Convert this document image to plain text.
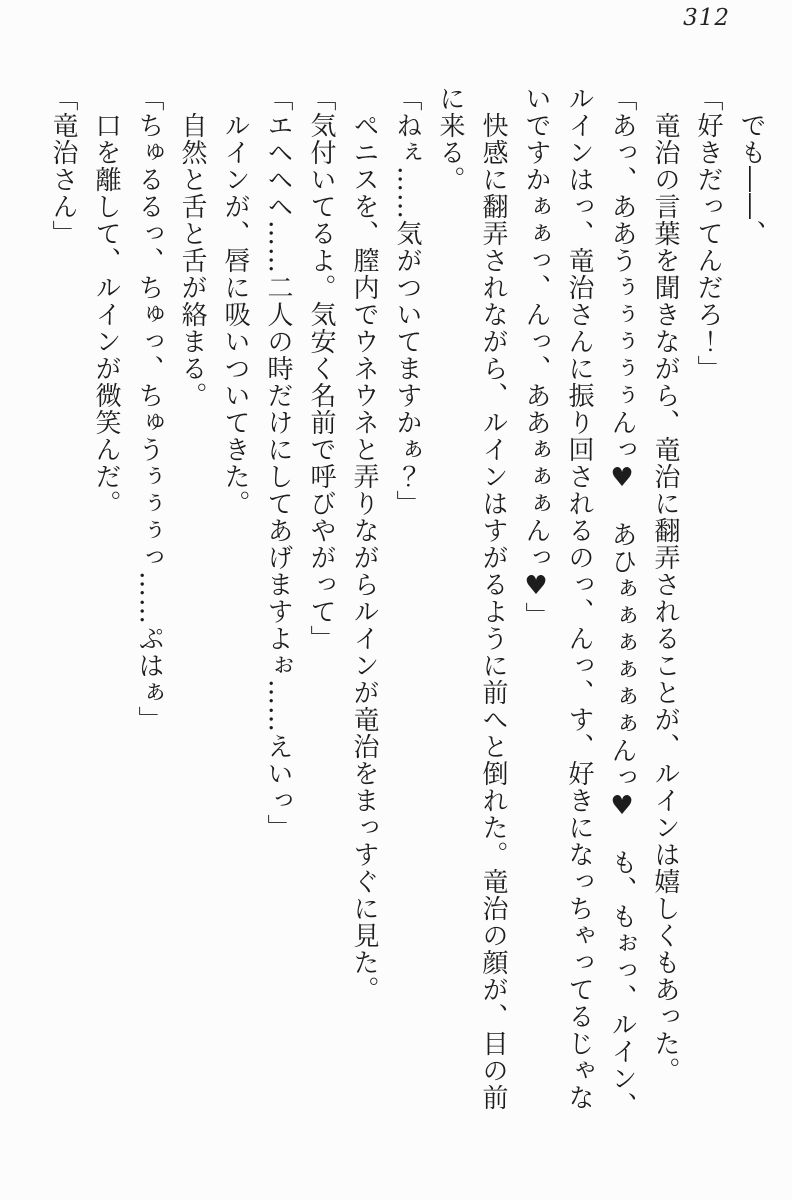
312

　でも――、

「好きだってんだろ！」

　竜治の言葉を聞きながら、竜治に翻弄されることが、ルインは嬉しくもあった。

「あっ、ああうぅぅぅぅぅんっ♥　あひぁぁぁぁぁぁんっ♥　も、もぉっ、ルイン、

ルインはっ、竜治さんに振り回されるのっ、んっ、す、好きになっちゃってるじゃな

いですかぁぁっ、んっ、ああぁぁぁんっ♥」

　快感に翻弄されながら、ルインはすがるように前へと倒れた。竜治の顔が、目の前

に来る。

「ねぇ……気がついてますかぁ？」

　ペニスを、膣内でウネウネと弄りながらルインが竜治をまっすぐに見た。

「気付いてるよ。気安く名前で呼びやがって」

「エヘヘヘ……二人の時だけにしてあげますよぉ……えいっ」

　ルインが、唇に吸いついてきた。

　自然と舌と舌が絡まる。

「ちゅるるっ、ちゅっ、ちゅうぅぅぅっ……ぷはぁ」

　口を離して、ルインが微笑んだ。

「竜治さん」
